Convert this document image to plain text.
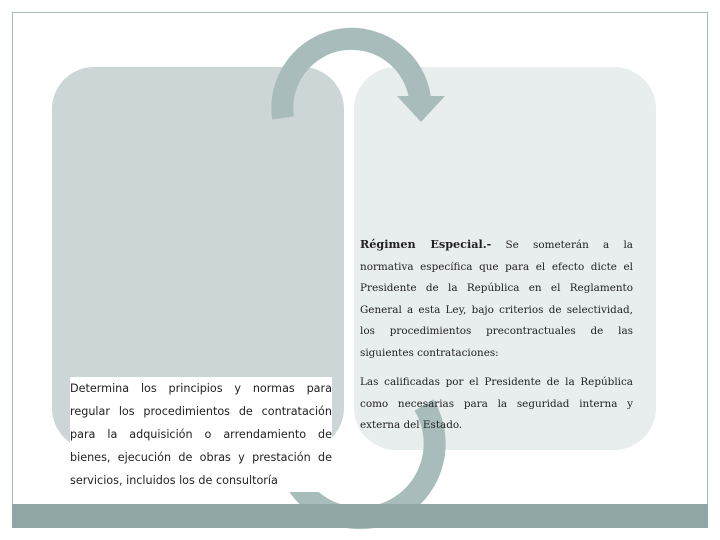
Determina los principios y normas para regular los procedimientos de contratación para la adquisición o arrendamiento de bienes, ejecución de obras y prestación de servicios, incluidos los de consultoría

Régimen Especial.- Se someterán a la normativa específica que para el efecto dicte el Presidente de la República en el Reglamento General a esta Ley, bajo criterios de selectividad, los procedimientos precontractuales de las siguientes contrataciones:

Las calificadas por el Presidente de la República como necesarias para la seguridad interna y externa del Estado.
